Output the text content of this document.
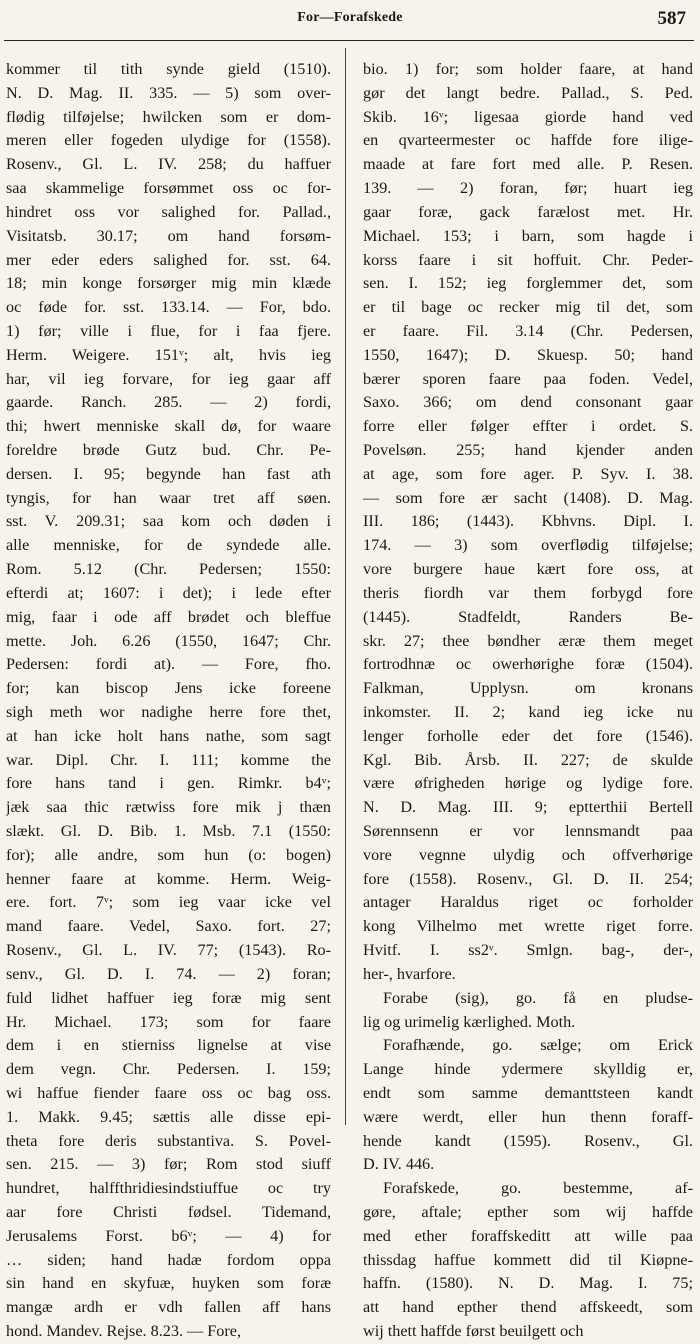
For—Forafskede	587
kommer til tith synde gield (1510).
N. D. Mag. II. 335. — 5) som over-
flødig tilføjelse; hwilcken som er dom-
meren eller fogeden ulydige for (1558).
Rosenv., Gl. L. IV. 258; du haffuer
saa skammelige forsømmet oss oc for-
hindret oss vor salighed for. Pallad.,
Visitatsb. 30.17; om hand forsøm-
mer eder eders salighed for. sst. 64.
18; min konge forsørger mig min klæde
oc føde for. sst. 133.14. — For, bdo.
1) før; ville i flue, for i faa fjere.
Herm. Weigere. 151ᵛ; alt, hvis ieg
har, vil ieg forvare, for ieg gaar aff
gaarde. Ranch. 285. — 2) fordi,
thi; hwert menniske skall dø, for waare
foreldre brøde Gutz bud. Chr. Pe-
dersen. I. 95; begynde han fast ath
tyngis, for han waar tret aff søen.
sst. V. 209.31; saa kom och døden i
alle menniske, for de syndede alle.
Rom. 5.12 (Chr. Pedersen; 1550:
efterdi at; 1607: i det); i lede efter
mig, faar i ode aff brødet och bleffue
mette. Joh. 6.26 (1550, 1647; Chr.
Pedersen: fordi at). — Fore, fho.
for; kan biscop Jens icke foreene
sigh meth wor nadighe herre fore thet,
at han icke holt hans nathe, som sagt
war. Dipl. Chr. I. 111; komme the
fore hans tand i gen. Rimkr. b4ᵛ;
jæk saa thic rætwiss fore mik j thæn
slækt. Gl. D. Bib. 1. Msb. 7.1 (1550:
for); alle andre, som hun (o: bogen)
henner faare at komme. Herm. Weig-
ere. fort. 7ᵛ; som ieg vaar icke vel
mand faare. Vedel, Saxo. fort. 27;
Rosenv., Gl. L. IV. 77; (1543). Ro-
senv., Gl. D. I. 74. — 2) foran;
fuld lidhet haffuer ieg foræ mig sent
Hr. Michael. 173; som for faare
dem i en stierniss lignelse at vise
dem vegn. Chr. Pedersen. I. 159;
wi haffue fiender faare oss oc bag oss.
1. Makk. 9.45; sættis alle disse epi-
theta fore deris substantiva. S. Povel-
sen. 215. — 3) før; Rom stod siuff
hundret, halffthridiesindstiuffue oc try
aar fore Christi fødsel. Tidemand,
Jerusalems Forst. b6ᵛ; — 4) for
… siden; hand hadæ fordom oppa
sin hand en skyfuæ, huyken som foræ
mangæ ardh er vdh fallen aff hans
hond. Mandev. Rejse. 8.23. — Fore,
bio. 1) for; som holder faare, at hand
gør det langt bedre. Pallad., S. Ped.
Skib. 16ᵛ; ligesaa giorde hand ved
en qvarteermester oc haffde fore ilige-
maade at fare fort med alle. P. Resen.
139. — 2) foran, før; huart ieg
gaar foræ, gack farælost met. Hr.
Michael. 153; i barn, som hagde i
korss faare i sit hoffuit. Chr. Peder-
sen. I. 152; ieg forglemmer det, som
er til bage oc recker mig til det, som
er faare. Fil. 3.14 (Chr. Pedersen,
1550, 1647); D. Skuesp. 50; hand
bærer sporen faare paa foden. Vedel,
Saxo. 366; om dend consonant gaar
forre eller følger effter i ordet. S.
Povelsøn. 255; hand kjender anden
at age, som fore ager. P. Syv. I. 38.
— som fore ær sacht (1408). D. Mag.
III. 186; (1443). Kbhvns. Dipl. I.
174. — 3) som overflødig tilføjelse;
vore burgere haue kært fore oss, at
theris fiordh var them forbygd fore
(1445). Stadfeldt, Randers Be-
skr. 27; thee bøndher æræ them meget
fortrodhnæ oc owerhørighe foræ (1504).
Falkman, Upplysn. om kronans
inkomster. II. 2; kand ieg icke nu
lenger forholle eder det fore (1546).
Kgl. Bib. Årsb. II. 227; de skulde
være øfrigheden hørige og lydige fore.
N. D. Mag. III. 9; eptterthii Bertell
Sørennsenn er vor lennsmandt paa
vore vegnne ulydig och offverhørige
fore (1558). Rosenv., Gl. D. II. 254;
antager Haraldus riget oc forholder
kong Vilhelmo met wrette riget forre.
Hvitf. I. ss2ᵛ. Smlgn. bag-, der-,
her-, hvarfore.
Forabe (sig), go. få en pludse-
lig og urimelig kærlighed. Moth.
Forafhænde, go. sælge; om Erick
Lange hinde ydermere skylldig er,
endt som samme demanttsteen kandt
wære werdt, eller hun thenn foraff-
hende kandt (1595). Rosenv., Gl.
D. IV. 446.
Forafskede, go. bestemme, af-
gøre, aftale; epther som wij haffde
med ether foraffskeditt att wille paa
thissdag haffue kommett did til Kiøpne-
haffn. (1580). N. D. Mag. I. 75;
att hand epther thend affskeedt, som
wij thett haffde først beuilgett och
